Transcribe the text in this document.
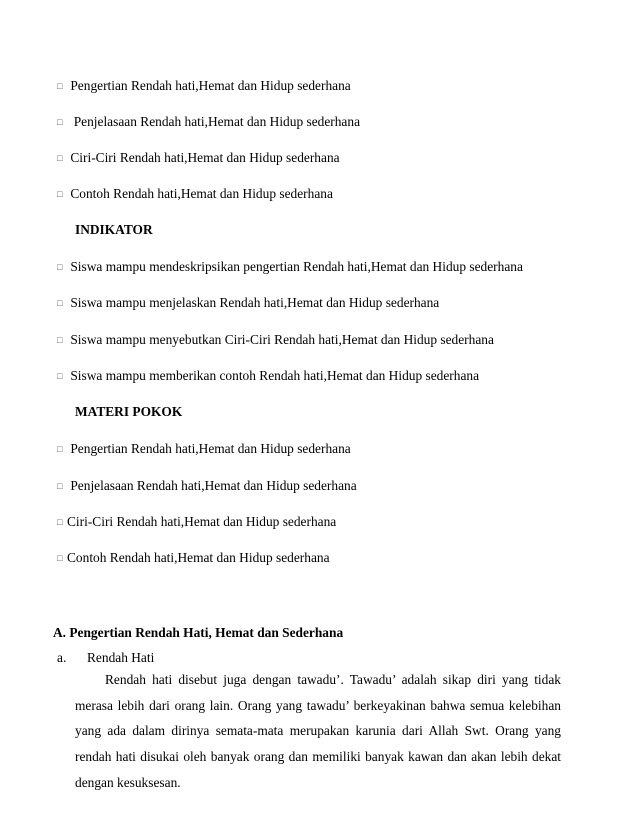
□ Pengertian Rendah hati,Hemat dan Hidup sederhana
□  Penjelasaan Rendah hati,Hemat dan Hidup sederhana
□ Ciri-Ciri Rendah hati,Hemat dan Hidup sederhana
□ Contoh Rendah hati,Hemat dan Hidup sederhana
INDIKATOR
□ Siswa mampu mendeskripsikan pengertian Rendah hati,Hemat dan Hidup sederhana
□ Siswa mampu menjelaskan Rendah hati,Hemat dan Hidup sederhana
□ Siswa mampu menyebutkan Ciri-Ciri Rendah hati,Hemat dan Hidup sederhana
□ Siswa mampu memberikan contoh Rendah hati,Hemat dan Hidup sederhana
MATERI POKOK
□ Pengertian Rendah hati,Hemat dan Hidup sederhana
□ Penjelasaan Rendah hati,Hemat dan Hidup sederhana
□ Ciri-Ciri Rendah hati,Hemat dan Hidup sederhana
□ Contoh Rendah hati,Hemat dan Hidup sederhana
A. Pengertian Rendah Hati, Hemat dan Sederhana
a. Rendah Hati
Rendah hati disebut juga dengan tawadu’. Tawadu’ adalah sikap diri yang tidak merasa lebih dari orang lain. Orang yang tawadu’ berkeyakinan bahwa semua kelebihan yang ada dalam dirinya semata-mata merupakan karunia dari Allah Swt. Orang yang rendah hati disukai oleh banyak orang dan memiliki banyak kawan dan akan lebih dekat dengan kesuksesan.
